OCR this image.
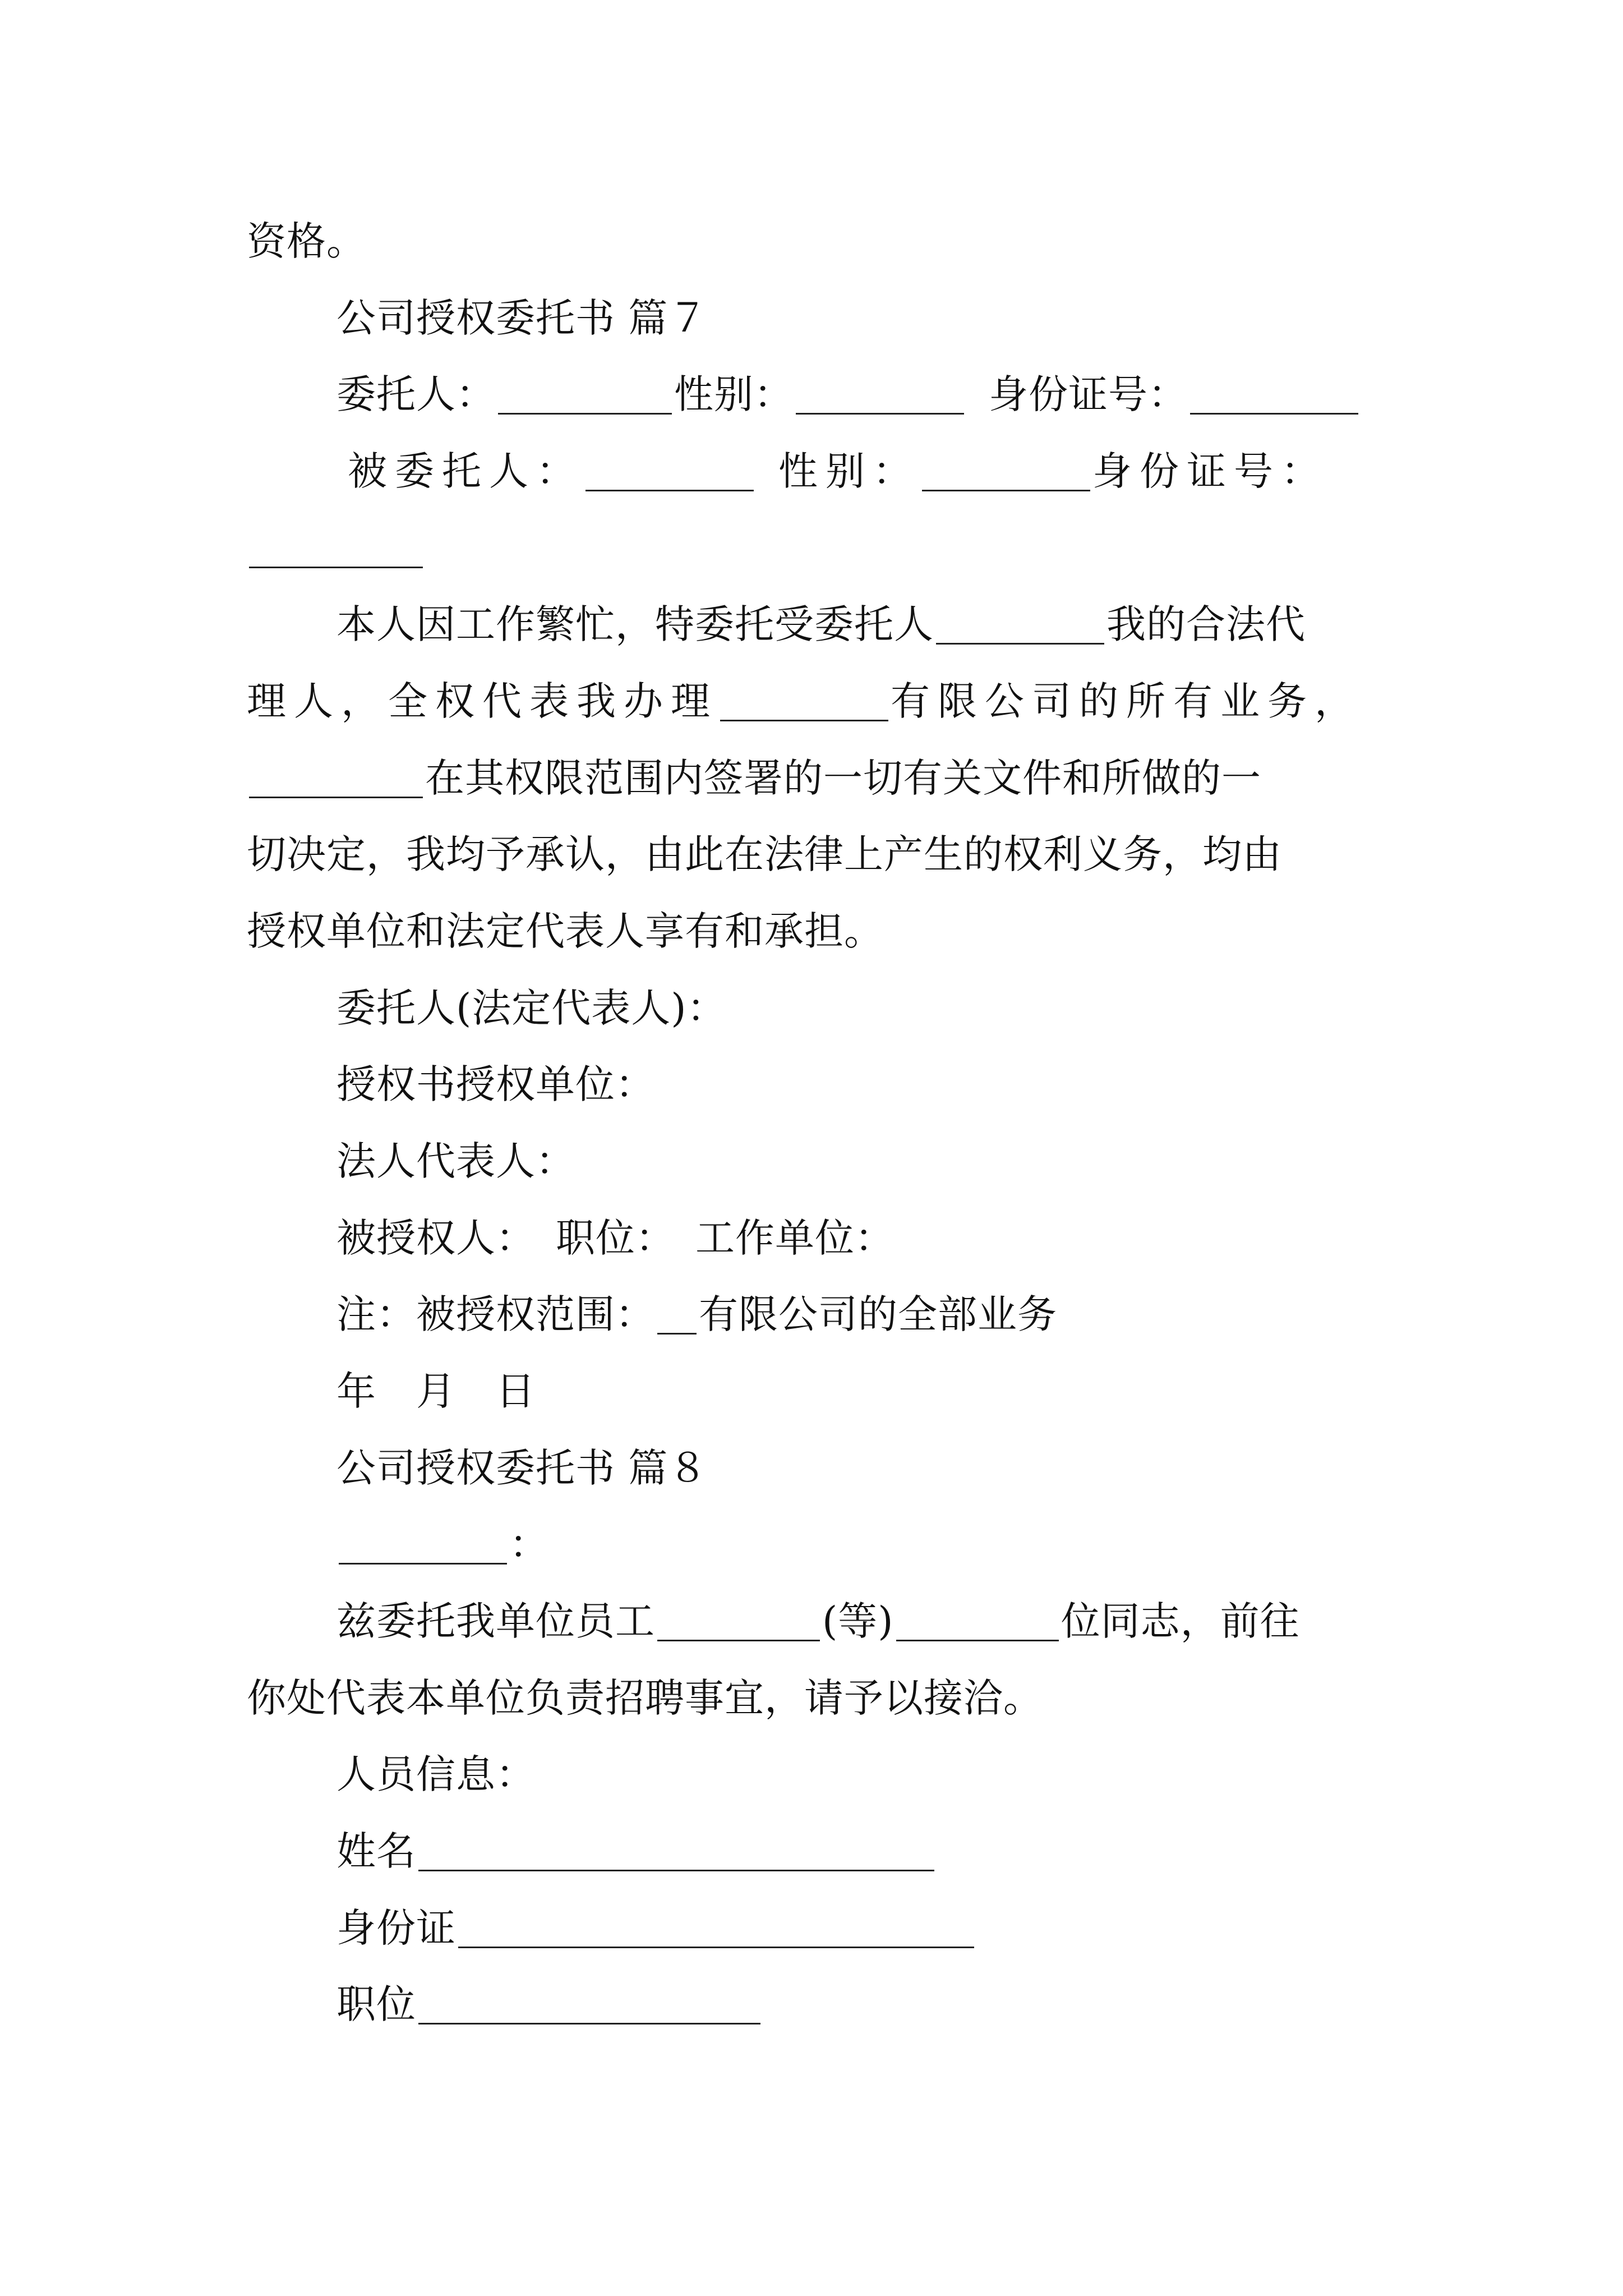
资格。
公司授权委托书 篇７
委托人：	性别：	身份证号：
被委托人：	性别：	身份证号：
本人因工作繁忙，特委托受委托人	我的合法代
理人，全权代表我办理	有限公司的所有业务，
在其权限范围内签署的一切有关文件和所做的一
切决定，我均予承认，由此在法律上产生的权利义务，均由
授权单位和法定代表人享有和承担。
委托人(法定代表人)：
授权书授权单位：
法人代表人：
被授权人：　职位：　工作单位：
注：被授权范围： 有限公司的全部业务
年　月　日
公司授权委托书 篇８
：
兹委托我单位员工	(等)	位同志，前往
你处代表本单位负责招聘事宜，请予以接洽。
人员信息：
姓名
身份证
职位
